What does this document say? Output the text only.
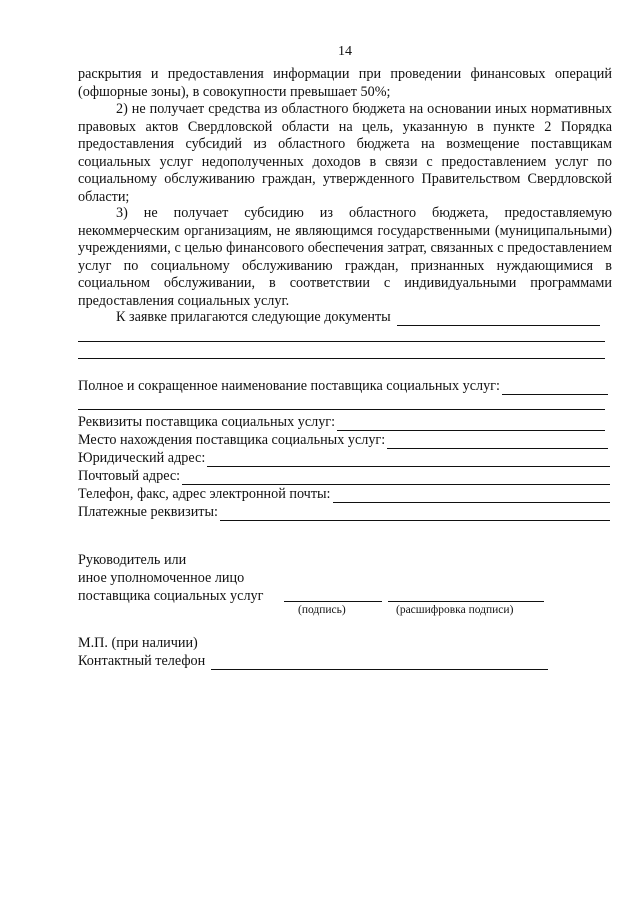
14
раскрытия и предоставления информации при проведении финансовых операций (офшорные зоны), в совокупности превышает 50%;
2) не получает средства из областного бюджета на основании иных нормативных правовых актов Свердловской области на цель, указанную в пункте 2 Порядка предоставления субсидий из областного бюджета на возмещение поставщикам социальных услуг недополученных доходов в связи с предоставлением услуг по социальному обслуживанию граждан, утвержденного Правительством Свердловской области;
3) не получает субсидию из областного бюджета, предоставляемую некоммерческим организациям, не являющимся государственными (муниципальными) учреждениями, с целью финансового обеспечения затрат, связанных с предоставлением услуг по социальному обслуживанию граждан, признанных нуждающимися в социальном обслуживании, в соответствии с индивидуальными программами предоставления социальных услуг.
К заявке прилагаются следующие документы
Полное и сокращенное наименование поставщика социальных услуг:
Реквизиты поставщика социальных услуг:
Место нахождения поставщика социальных услуг:
Юридический адрес:
Почтовый адрес:
Телефон, факс, адрес электронной почты:
Платежные реквизиты:
Руководитель или
иное уполномоченное лицо
поставщика социальных услуг
(подпись)	(расшифровка подписи)
М.П. (при наличии)
Контактный телефон
